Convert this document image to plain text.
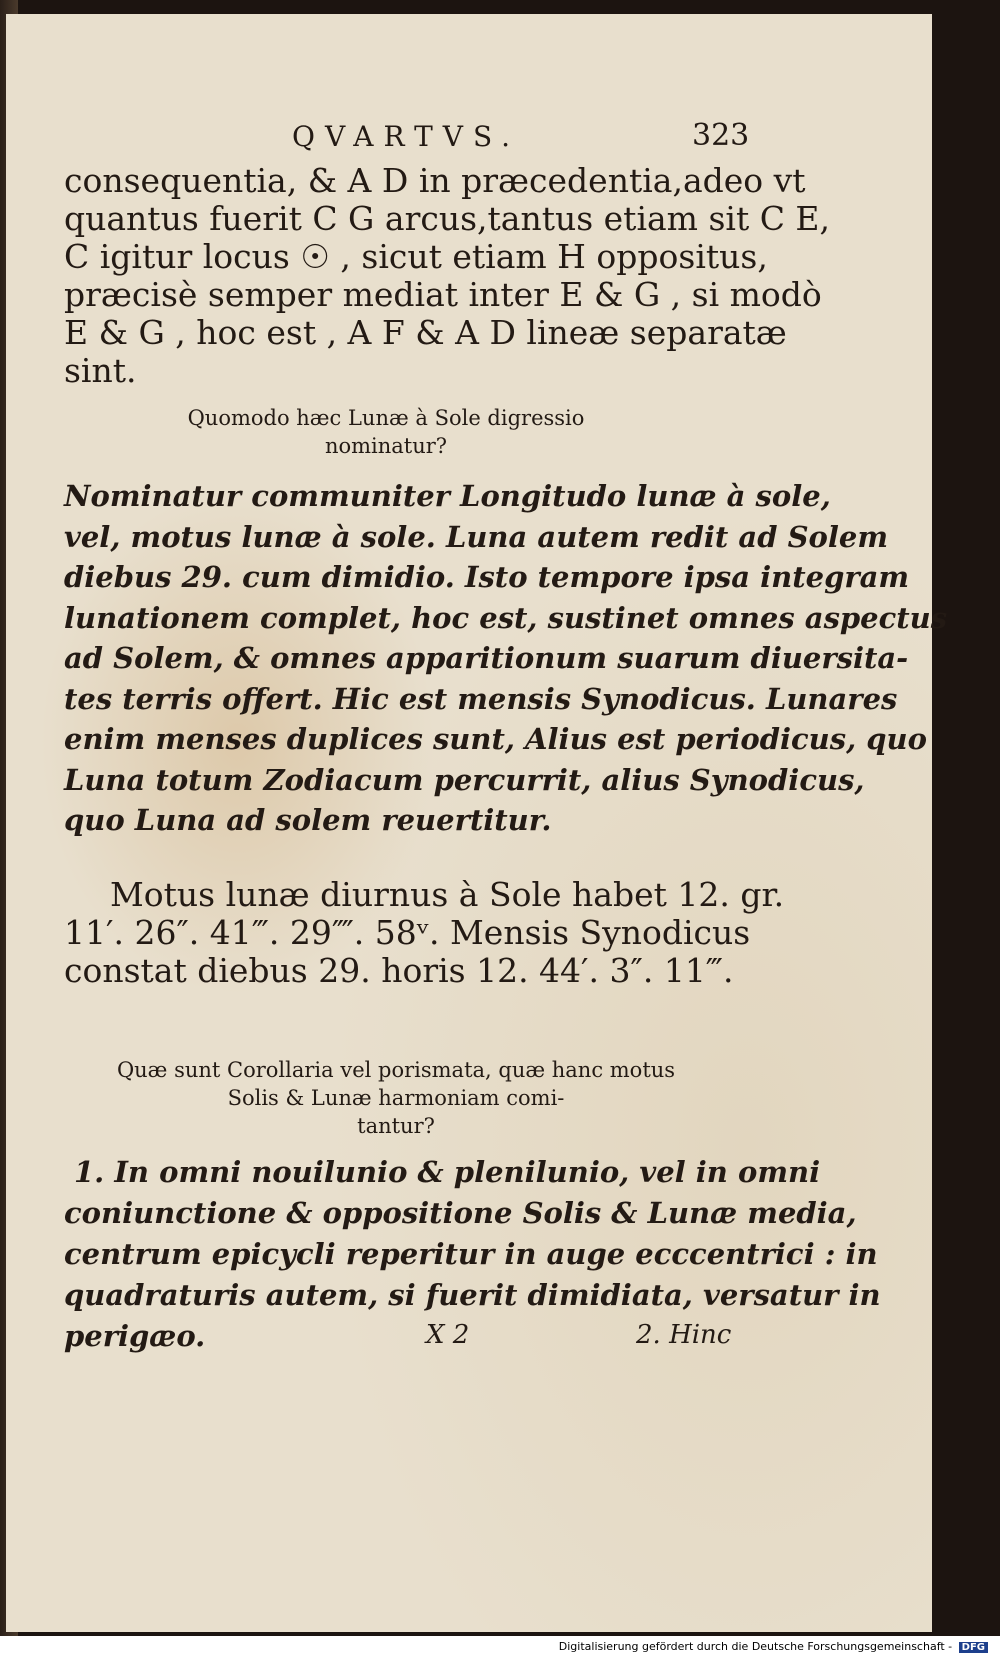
QVARTVS.	323
consequentia, & A D in præcedentia,adeo vt
quantus fuerit C G arcus,tantus etiam sit C E,
C igitur locus ☉ , sicut etiam H oppositus,
præcisè semper mediat inter E & G , si modò
E & G , hoc est , A F & A D lineæ separatæ
sint.
Quomodo hæc Lunæ à Sole digressio
nominatur?
Nominatur communiter Longitudo lunæ à sole,
vel, motus lunæ à sole. Luna autem redit ad Solem
diebus 29. cum dimidio. Isto tempore ipsa integram
lunationem complet, hoc est, sustinet omnes aspectus
ad Solem, & omnes apparitionum suarum diuersita-
tes terris offert. Hic est mensis Synodicus. Lunares
enim menses duplices sunt, Alius est periodicus, quo
Luna totum Zodiacum percurrit, alius Synodicus,
quo Luna ad solem reuertitur.
Motus lunæ diurnus à Sole habet 12. gr.
11′. 26″. 41‴. 29⁗. 58ᵛ. Mensis Synodicus
constat diebus 29. horis 12. 44′. 3″. 11‴.
Quæ sunt Corollaria vel porismata, quæ hanc motus
Solis & Lunæ harmoniam comi-
tantur?
1. In omni nouilunio & plenilunio, vel in omni
coniunctione & oppositione Solis & Lunæ media,
centrum epicycli reperitur in auge ecccentrici : in
quadraturis autem, si fuerit dimidiata, versatur in
perigæo.	X 2	2. Hinc
Digitalisierung gefördert durch die Deutsche Forschungsgemeinschaft - DFG
